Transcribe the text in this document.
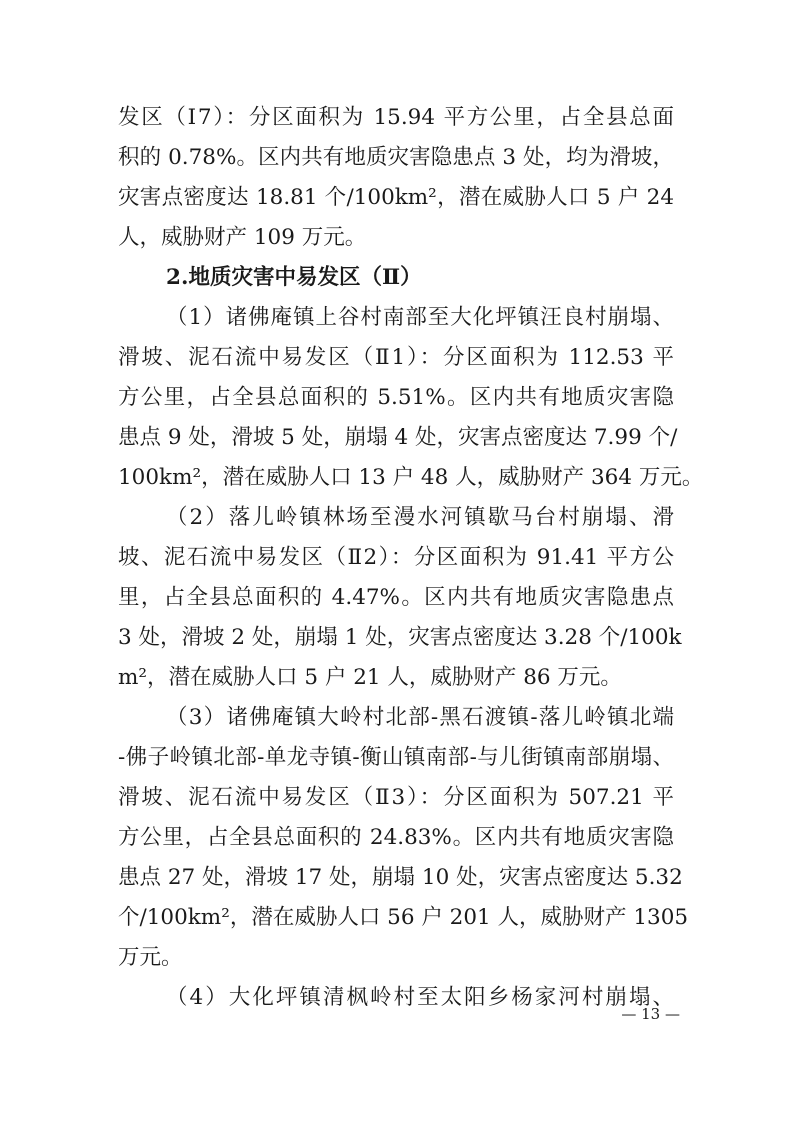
发区（Ⅰ7）：分区面积为 15.94 平方公里，占全县总面
积的 0.78%。区内共有地质灾害隐患点 3 处，均为滑坡，
灾害点密度达 18.81 个/100km²，潜在威胁人口 5 户 24
人，威胁财产 109 万元。
2.地质灾害中易发区（Ⅱ）
（1）诸佛庵镇上谷村南部至大化坪镇汪良村崩塌、
滑坡、泥石流中易发区（Ⅱ1）：分区面积为 112.53 平
方公里，占全县总面积的 5.51%。区内共有地质灾害隐
患点 9 处，滑坡 5 处，崩塌 4 处，灾害点密度达 7.99 个/
100km²，潜在威胁人口 13 户 48 人，威胁财产 364 万元。
（2）落儿岭镇林场至漫水河镇歇马台村崩塌、滑
坡、泥石流中易发区（Ⅱ2）：分区面积为 91.41 平方公
里，占全县总面积的 4.47%。区内共有地质灾害隐患点
3 处，滑坡 2 处，崩塌 1 处，灾害点密度达 3.28 个/100k
m²，潜在威胁人口 5 户 21 人，威胁财产 86 万元。
（3）诸佛庵镇大岭村北部-黑石渡镇-落儿岭镇北端
-佛子岭镇北部-单龙寺镇-衡山镇南部-与儿街镇南部崩塌、
滑坡、泥石流中易发区（Ⅱ3）：分区面积为 507.21 平
方公里，占全县总面积的 24.83%。区内共有地质灾害隐
患点 27 处，滑坡 17 处，崩塌 10 处，灾害点密度达 5.32
个/100km²，潜在威胁人口 56 户 201 人，威胁财产 1305
万元。
（4）大化坪镇清枫岭村至太阳乡杨家河村崩塌、
— 13 —
